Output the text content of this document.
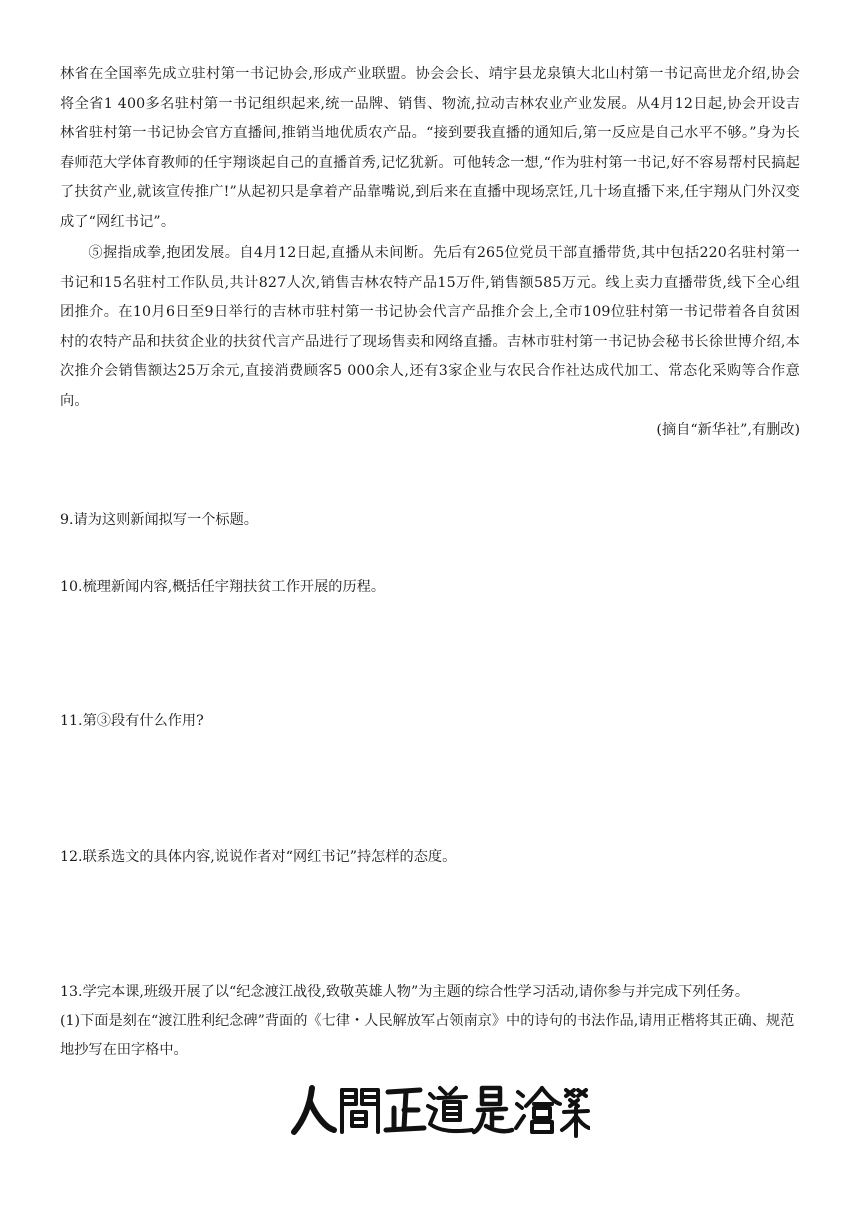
林省在全国率先成立驻村第一书记协会,形成产业联盟。协会会长、靖宇县龙泉镇大北山村第一书记高世龙介绍,协会将全省1 400多名驻村第一书记组织起来,统一品牌、销售、物流,拉动吉林农业产业发展。从4月12日起,协会开设吉林省驻村第一书记协会官方直播间,推销当地优质农产品。“接到要我直播的通知后,第一反应是自己水平不够。”身为长春师范大学体育教师的任宇翔谈起自己的直播首秀,记忆犹新。可他转念一想,“作为驻村第一书记,好不容易帮村民搞起了扶贫产业,就该宣传推广!”从起初只是拿着产品靠嘴说,到后来在直播中现场烹饪,几十场直播下来,任宇翔从门外汉变成了“网红书记”。

⑤握指成拳,抱团发展。自4月12日起,直播从未间断。先后有265位党员干部直播带货,其中包括220名驻村第一书记和15名驻村工作队员,共计827人次,销售吉林农特产品15万件,销售额585万元。线上卖力直播带货,线下全心组团推介。在10月6日至9日举行的吉林市驻村第一书记协会代言产品推介会上,全市109位驻村第一书记带着各自贫困村的农特产品和扶贫企业的扶贫代言产品进行了现场售卖和网络直播。吉林市驻村第一书记协会秘书长徐世博介绍,本次推介会销售额达25万余元,直接消费顾客5 000余人,还有3家企业与农民合作社达成代加工、常态化采购等合作意向。

(摘自“新华社”,有删改)

9.请为这则新闻拟写一个标题。

10.梳理新闻内容,概括任宇翔扶贫工作开展的历程。

11.第③段有什么作用?

12.联系选文的具体内容,说说作者对“网红书记”持怎样的态度。

13.学完本课,班级开展了以“纪念渡江战役,致敬英雄人物”为主题的综合性学习活动,请你参与并完成下列任务。

(1)下面是刻在“渡江胜利纪念碑”背面的《七律・人民解放军占领南京》中的诗句的书法作品,请用正楷将其正确、规范地抄写在田字格中。
